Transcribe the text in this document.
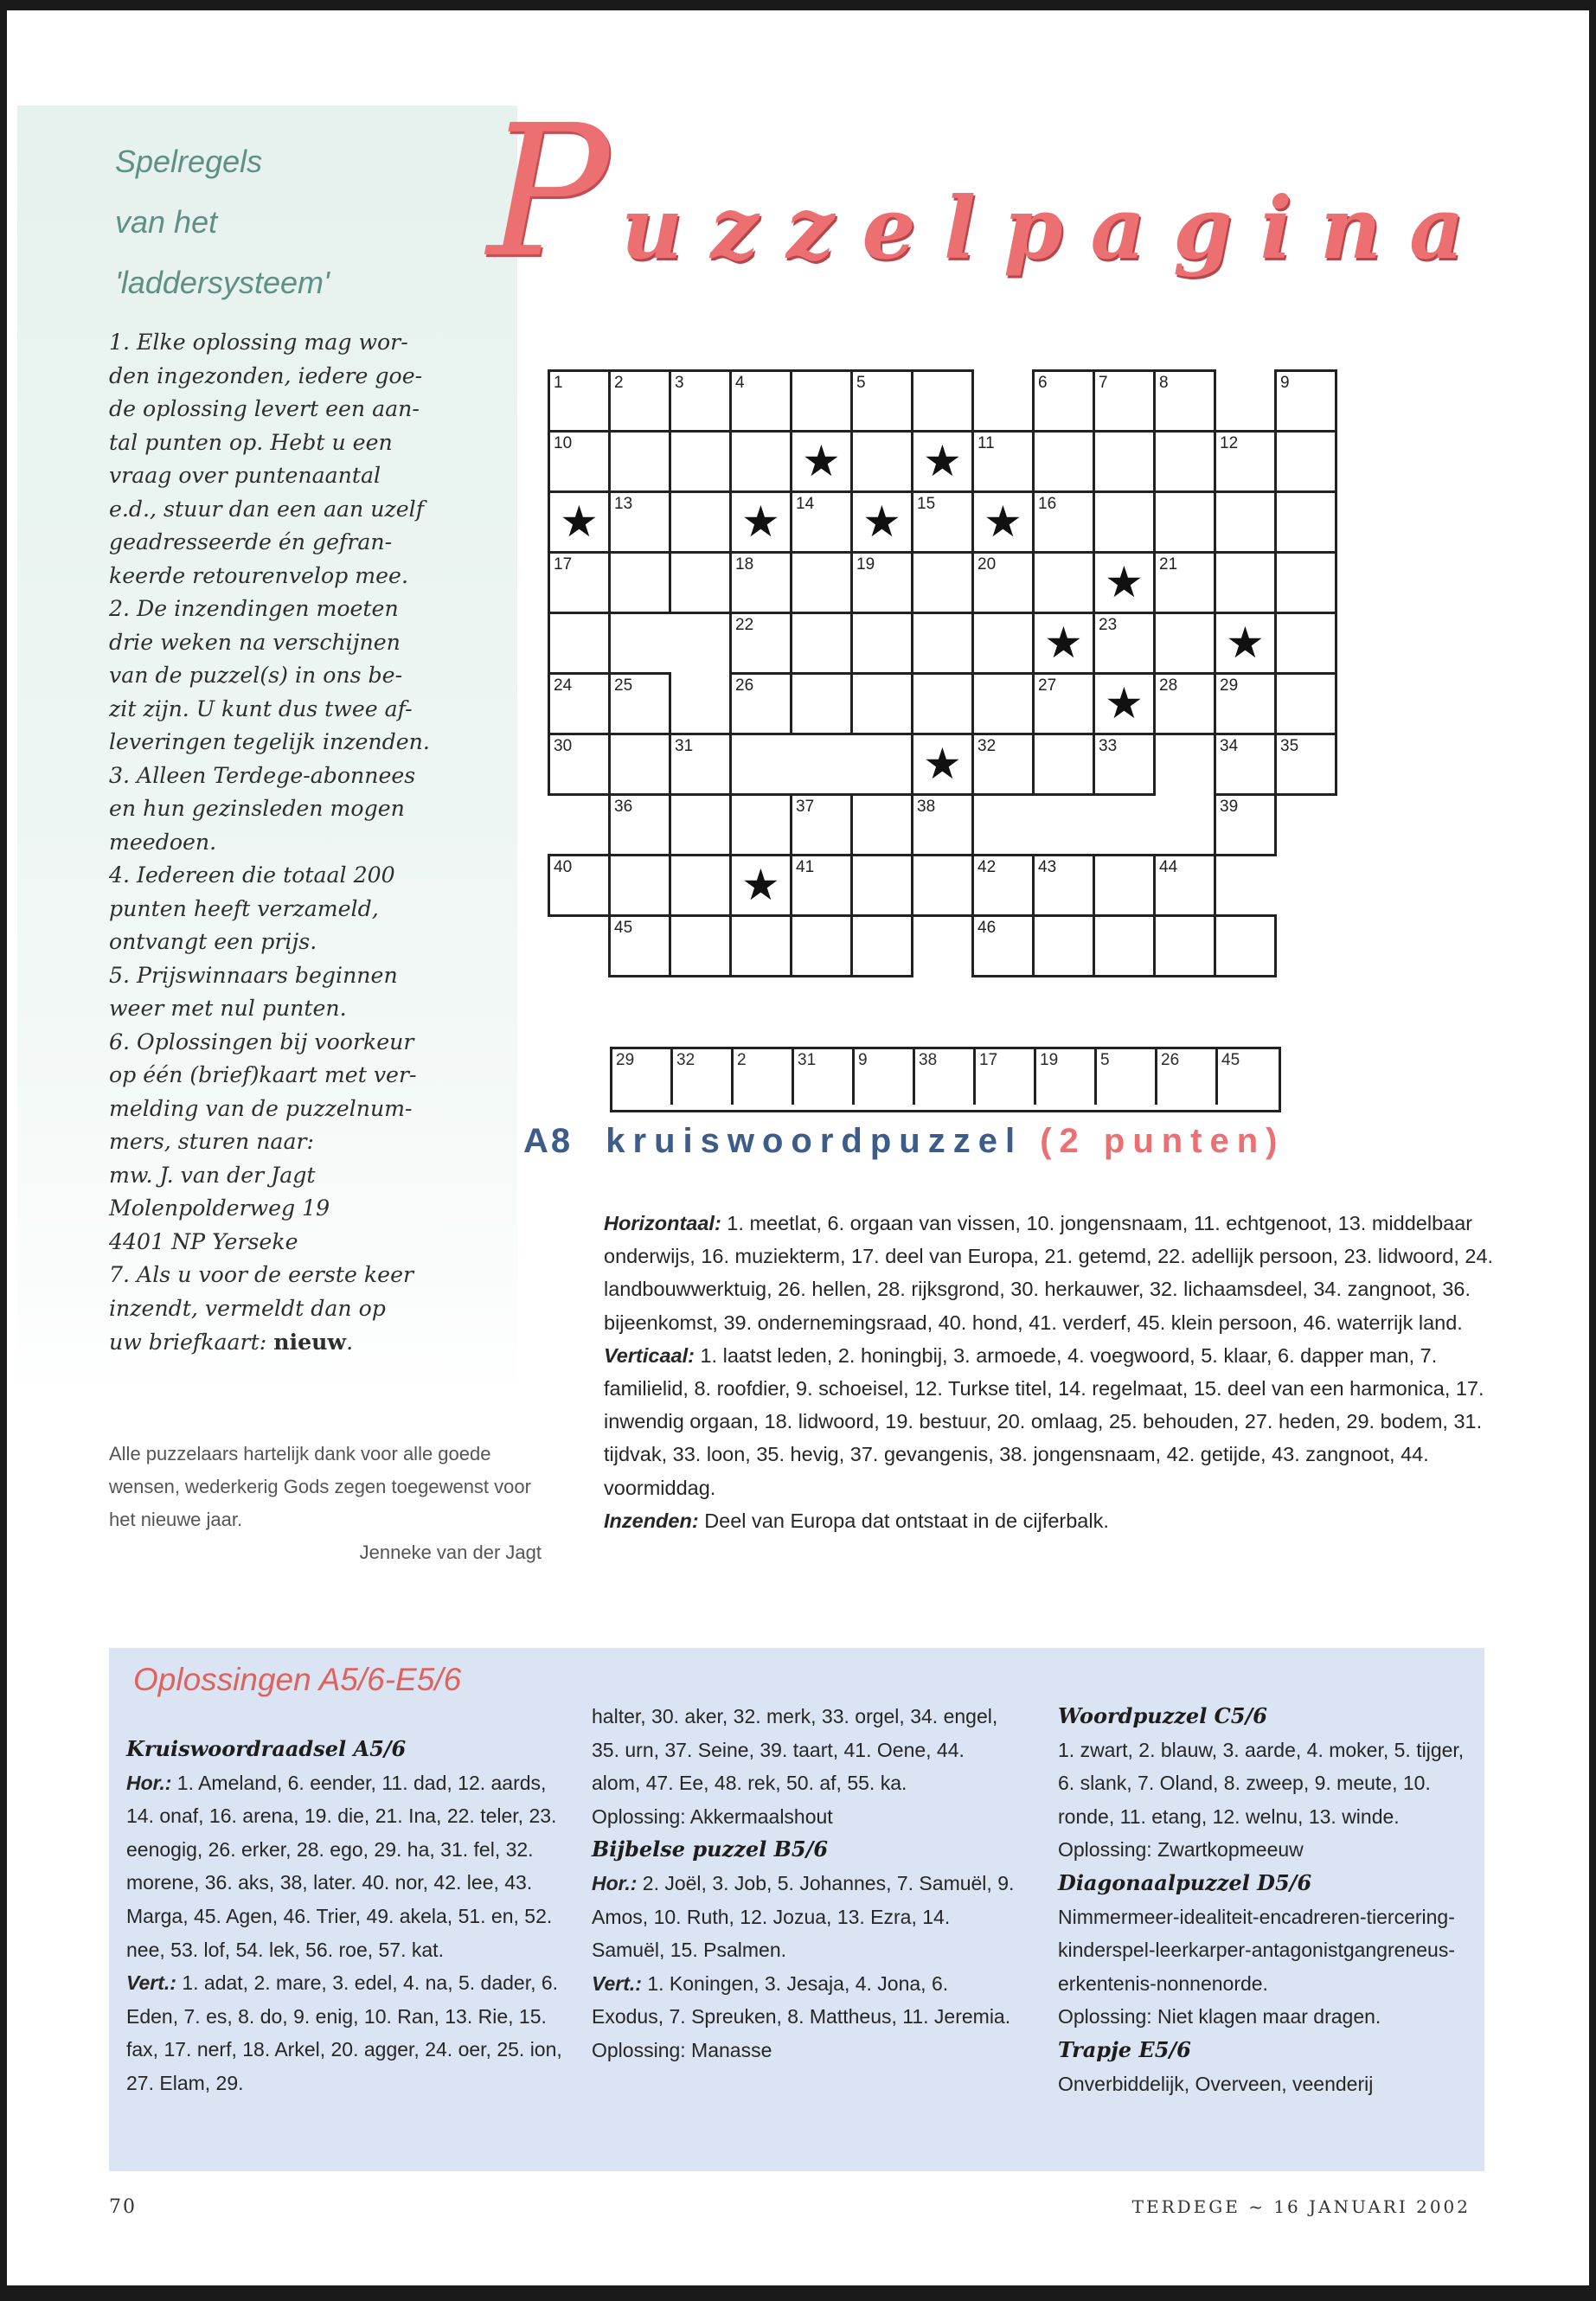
Spelregels
van het
'laddersysteem'
1. Elke oplossing mag wor-
den ingezonden, iedere goe-
de oplossing levert een aan-
tal punten op. Hebt u een
vraag over puntenaantal
e.d., stuur dan een aan uzelf
geadresseerde én gefran-
keerde retourenvelop mee.
2. De inzendingen moeten
drie weken na verschijnen
van de puzzel(s) in ons be-
zit zijn. U kunt dus twee af-
leveringen tegelijk inzenden.
3. Alleen Terdege-abonnees
en hun gezinsleden mogen
meedoen.
4. Iedereen die totaal 200
punten heeft verzameld,
ontvangt een prijs.
5. Prijswinnaars beginnen
weer met nul punten.
6. Oplossingen bij voorkeur
op één (brief)kaart met ver-
melding van de puzzelnum-
mers, sturen naar:
mw. J. van der Jagt
Molenpolderweg 19
4401 NP Yerseke
7. Als u voor de eerste keer
inzendt, vermeldt dan op
uw briefkaart: nieuw.
Alle puzzelaars hartelijk dank voor alle goede wensen, wederkerig Gods zegen toegewenst voor het nieuwe jaar.
Jenneke van der Jagt
P uzzelpagina
1	2	3	4	5	6	7	8	9
10 ★ ★	11	12
★
13 ★	14 ★	15 ★	16
17	18	19	20 ★	21
22 ★	23
★
24	25	26	27 ★	28	29
30	31 ★	32	33	34	35
36	37	38	39
40 ★	41	42	43	44
45	46
29	32	2	31	9	38	17	19	5	26	45
A8 kruiswoordpuzzel (2 punten)

Horizontaal: 1. meetlat, 6. orgaan van vissen, 10. jongensnaam, 11. echtgenoot, 13. middelbaar onderwijs, 16. muziekterm, 17. deel van Europa, 21. getemd, 22. adellijk persoon, 23. lidwoord, 24. landbouwwerktuig, 26. hellen, 28. rijksgrond, 30. herkauwer, 32. lichaamsdeel, 34. zangnoot, 36. bijeenkomst, 39. ondernemingsraad, 40. hond, 41. verderf, 45. klein persoon, 46. waterrijk land.

Verticaal: 1. laatst leden, 2. honingbij, 3. armoede, 4. voegwoord, 5. klaar, 6. dapper man, 7. familielid, 8. roofdier, 9. schoeisel, 12. Turkse titel, 14. regelmaat, 15. deel van een harmonica, 17. inwendig orgaan, 18. lidwoord, 19. bestuur, 20. omlaag, 25. behouden, 27. heden, 29. bodem, 31. tijdvak, 33. loon, 35. hevig, 37. gevangenis, 38. jongensnaam, 42. getijde, 43. zangnoot, 44. voormiddag.

Inzenden: Deel van Europa dat ontstaat in de cijferbalk.

Oplossingen A5/6-E5/6

Kruiswoordraadsel A5/6

Hor.: 1. Ameland, 6. eender, 11. dad, 12. aards, 14. onaf, 16. arena, 19. die, 21. Ina, 22. teler, 23. eenogig, 26. erker, 28. ego, 29. ha, 31. fel, 32. morene, 36. aks, 38, later. 40. nor, 42. lee, 43. Marga, 45. Agen, 46. Trier, 49. akela, 51. en, 52. nee, 53. lof, 54. lek, 56. roe, 57. kat.

Vert.: 1. adat, 2. mare, 3. edel, 4. na, 5. dader, 6. Eden, 7. es, 8. do, 9. enig, 10. Ran, 13. Rie, 15. fax, 17. nerf, 18. Arkel, 20. agger, 24. oer, 25. ion, 27. Elam, 29.

halter, 30. aker, 32. merk, 33. orgel, 34. engel, 35. urn, 37. Seine, 39. taart, 41. Oene, 44. alom, 47. Ee, 48. rek, 50. af, 55. ka.

Oplossing: Akkermaalshout

Bijbelse puzzel B5/6

Hor.: 2. Joël, 3. Job, 5. Johannes, 7. Samuël, 9. Amos, 10. Ruth, 12. Jozua, 13. Ezra, 14. Samuël, 15. Psalmen.

Vert.: 1. Koningen, 3. Jesaja, 4. Jona, 6. Exodus, 7. Spreuken, 8. Mattheus, 11. Jeremia.

Oplossing: Manasse

Woordpuzzel C5/6

1. zwart, 2. blauw, 3. aarde, 4. moker, 5. tijger, 6. slank, 7. Oland, 8. zweep, 9. meute, 10. ronde, 11. etang, 12. welnu, 13. winde.

Oplossing: Zwartkopmeeuw

Diagonaalpuzzel D5/6

Nimmermeer-idealiteit-encadreren-tiercering-kinderspel-leerkarper-antagonistgangreneus-erkentenis-nonnenorde.

Oplossing: Niet klagen maar dragen.

Trapje E5/6

Onverbiddelijk, Overveen, veenderij

70	TERDEGE ~ 16 JANUARI 2002
